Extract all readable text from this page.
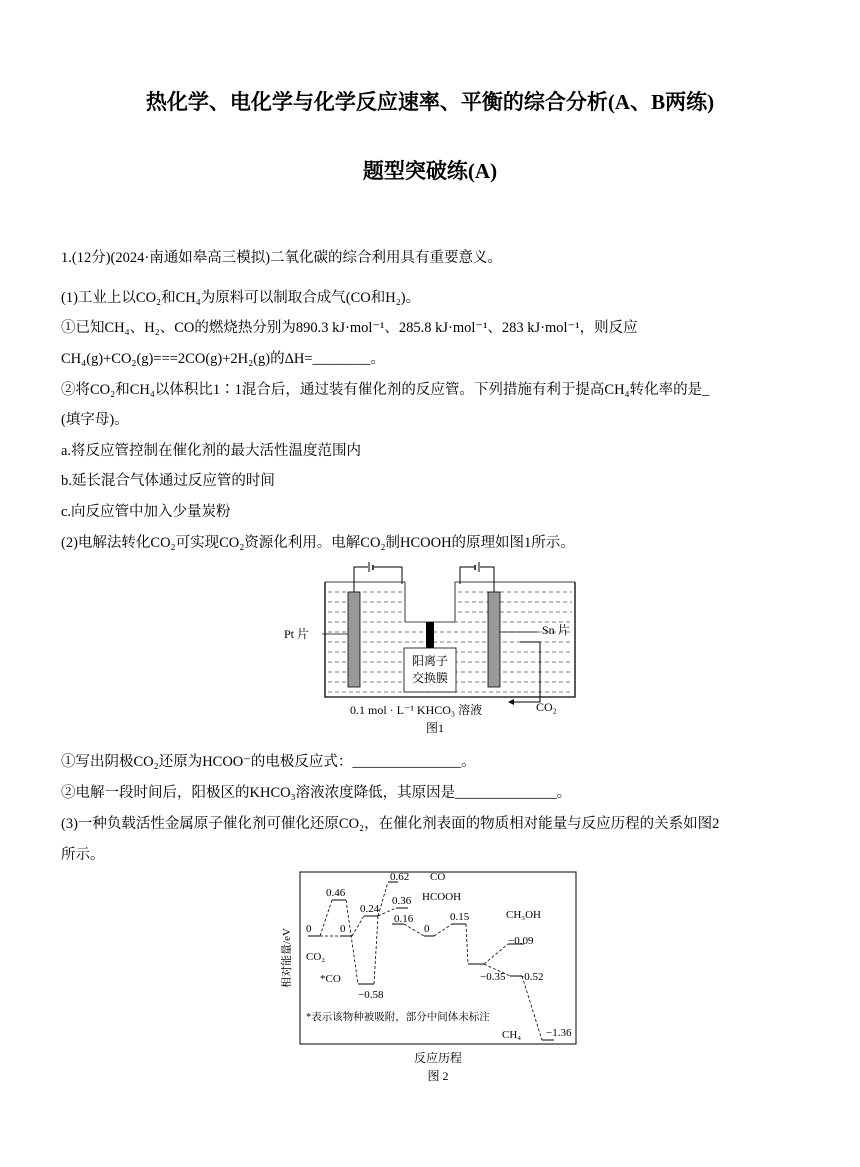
热化学、电化学与化学反应速率、平衡的综合分析(A、B两练)
题型突破练(A)
1.(12分)(2024·南通如皋高三模拟)二氧化碳的综合利用具有重要意义。
(1)工业上以CO₂和CH₄为原料可以制取合成气(CO和H₂)。
①已知CH₄、H₂、CO的燃烧热分别为890.3 kJ·mol⁻¹、285.8 kJ·mol⁻¹、283 kJ·mol⁻¹，则反应
CH₄(g)+CO₂(g)===2CO(g)+2H₂(g)的ΔH=________。
②将CO₂和CH₄以体积比1∶1混合后，通过装有催化剂的反应管。下列措施有利于提高CH₄转化率的是_
(填字母)。
a.将反应管控制在催化剂的最大活性温度范围内
b.延长混合气体通过反应管的时间
c.向反应管中加入少量炭粉
(2)电解法转化CO₂可实现CO₂资源化利用。电解CO₂制HCOOH的原理如图1所示。
阳离子
交换膜
Pt 片	Sn 片
0.1 mol · L⁻¹ KHCO₃ 溶液	CO₂
图1
①写出阴极CO₂还原为HCOO⁻的电极反应式：_______________。
②电解一段时间后，阳极区的KHCO₃溶液浓度降低，其原因是______________。
(3)一种负载活性金属原子催化剂可催化还原CO₂，在催化剂表面的物质相对能量与反应历程的关系如图2
所示。
相对能量/eV 0
CO₂
0.46
0
*CO
−0.58
0.24
0.62 CO
0.36 HCOOH
0.16
0
0.15
−0.35
CH₃OH
−0.09
−0.52
−1.36
CH₄
*表示该物种被吸附，部分中间体未标注
反应历程
图 2
